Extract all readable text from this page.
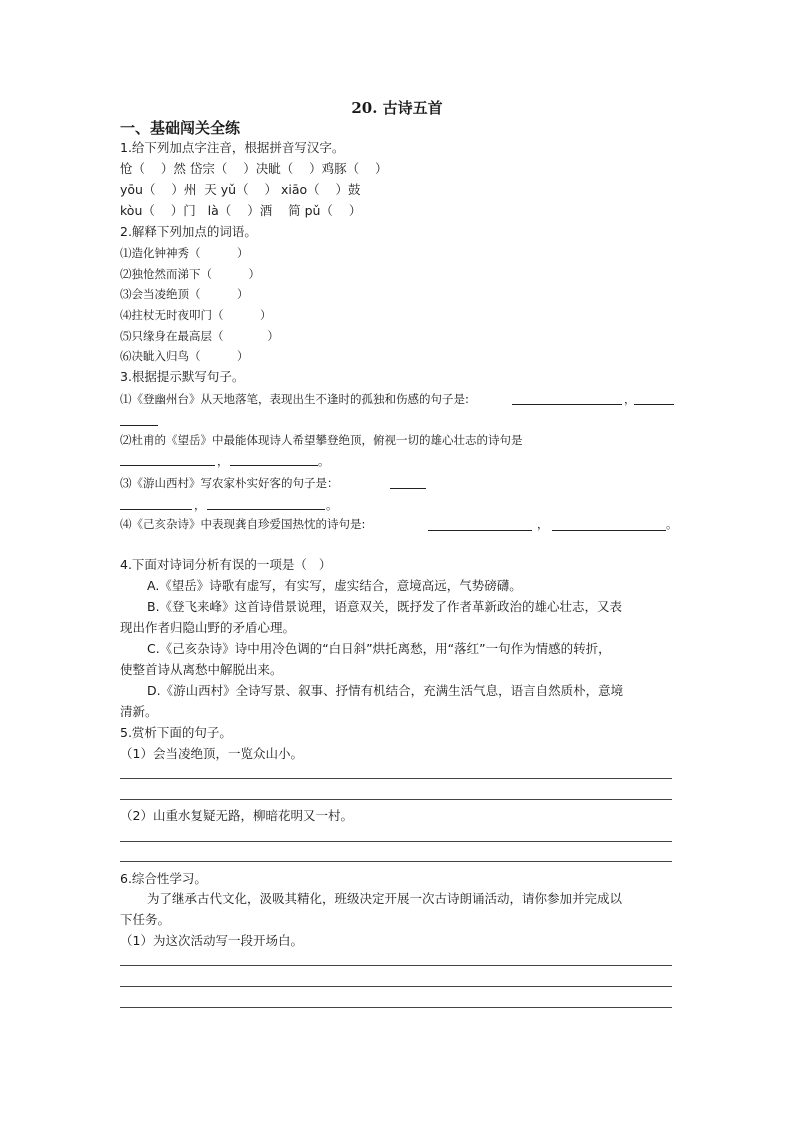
20. 古诗五首
一、基础闯关全练
1.给下列加点字注音，根据拼音写汉字。
怆（    ）然 岱宗（    ）决眦（    ）鸡豚（    ）
yōu（    ）州  天 yǔ（    ） xiāo（    ）鼓
kòu（    ）门   là（    ）酒    简 pǔ（    ）
2.解释下列加点的词语。
⑴造化钟神秀（          ）
⑵独怆然而涕下（          ）
⑶会当凌绝顶（          ）
⑷拄杖无时夜叩门（          ）
⑸只缘身在最高层（            ）
⑹决眦入归鸟（          ）
3.根据提示默写句子。
⑴《登幽州台》从天地落笔，表现出生不逢时的孤独和伤感的句子是:	，
⑵杜甫的《望岳》中最能体现诗人希望攀登绝顶，俯视一切的雄心壮志的诗句是
，	。
⑶《游山西村》写农家朴实好客的句子是：
，	。
⑷《己亥杂诗》中表现龚自珍爱国热忱的诗句是:	，	。
4.下面对诗词分析有误的一项是（   ）
A.《望岳》诗歌有虚写，有实写，虚实结合，意境高远，气势磅礴。
B.《登飞来峰》这首诗借景说理，语意双关，既抒发了作者革新政治的雄心壮志，又表
现出作者归隐山野的矛盾心理。
C.《己亥杂诗》诗中用冷色调的“白日斜”烘托离愁，用“落红”一句作为情感的转折，
使整首诗从离愁中解脱出来。
D.《游山西村》全诗写景、叙事、抒情有机结合，充满生活气息，语言自然质朴，意境
清新。
5.赏析下面的句子。
（1）会当凌绝顶，一览众山小。
（2）山重水复疑无路，柳暗花明又一村。
6.综合性学习。
为了继承古代文化，汲吸其精化，班级决定开展一次古诗朗诵活动，请你参加并完成以
下任务。
（1）为这次活动写一段开场白。
